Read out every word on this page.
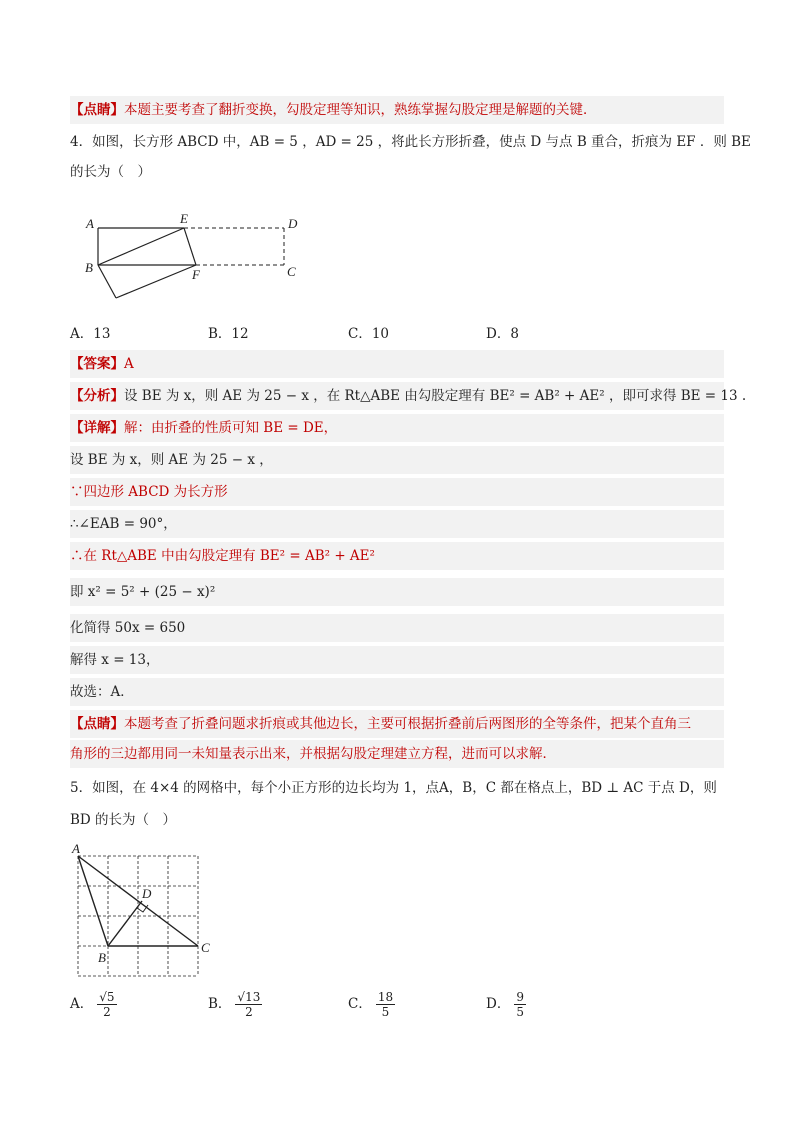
【点睛】本题主要考查了翻折变换，勾股定理等知识，熟练掌握勾股定理是解题的关键．
4．如图，长方形 ABCD 中，AB = 5 ，AD = 25 ，将此长方形折叠，使点 D 与点 B 重合，折痕为 EF ．则 BE
的长为（　）
A	E	D
B	F	C
A．13	B．12	C．10	D．8
【答案】A
【分析】设 BE 为 x，则 AE 为 25 − x ，在 Rt△ABE 由勾股定理有 BE² = AB² + AE² ，即可求得 BE = 13 .
【详解】解：由折叠的性质可知 BE = DE，
设 BE 为 x，则 AE 为 25 − x ，
∵四边形 ABCD 为长方形
∴∠EAB = 90°，
∴在 Rt△ABE 中由勾股定理有 BE² = AB² + AE²
即 x² = 5² + (25 − x)²
化简得 50x = 650
解得 x = 13，
故选：A．
【点睛】本题考查了折叠问题求折痕或其他边长，主要可根据折叠前后两图形的全等条件，把某个直角三
角形的三边都用同一未知量表示出来，并根据勾股定理建立方程，进而可以求解．
5．如图，在 4×4 的网格中，每个小正方形的边长均为 1，点A，B，C 都在格点上，BD ⊥ AC 于点 D，则
BD 的长为（　）
A
D
B
C
A． $\frac{√5}{2}$	B． $\frac{√13}{2}$	C． $\frac{18}{5}$	D． $\frac{9}{5}$
